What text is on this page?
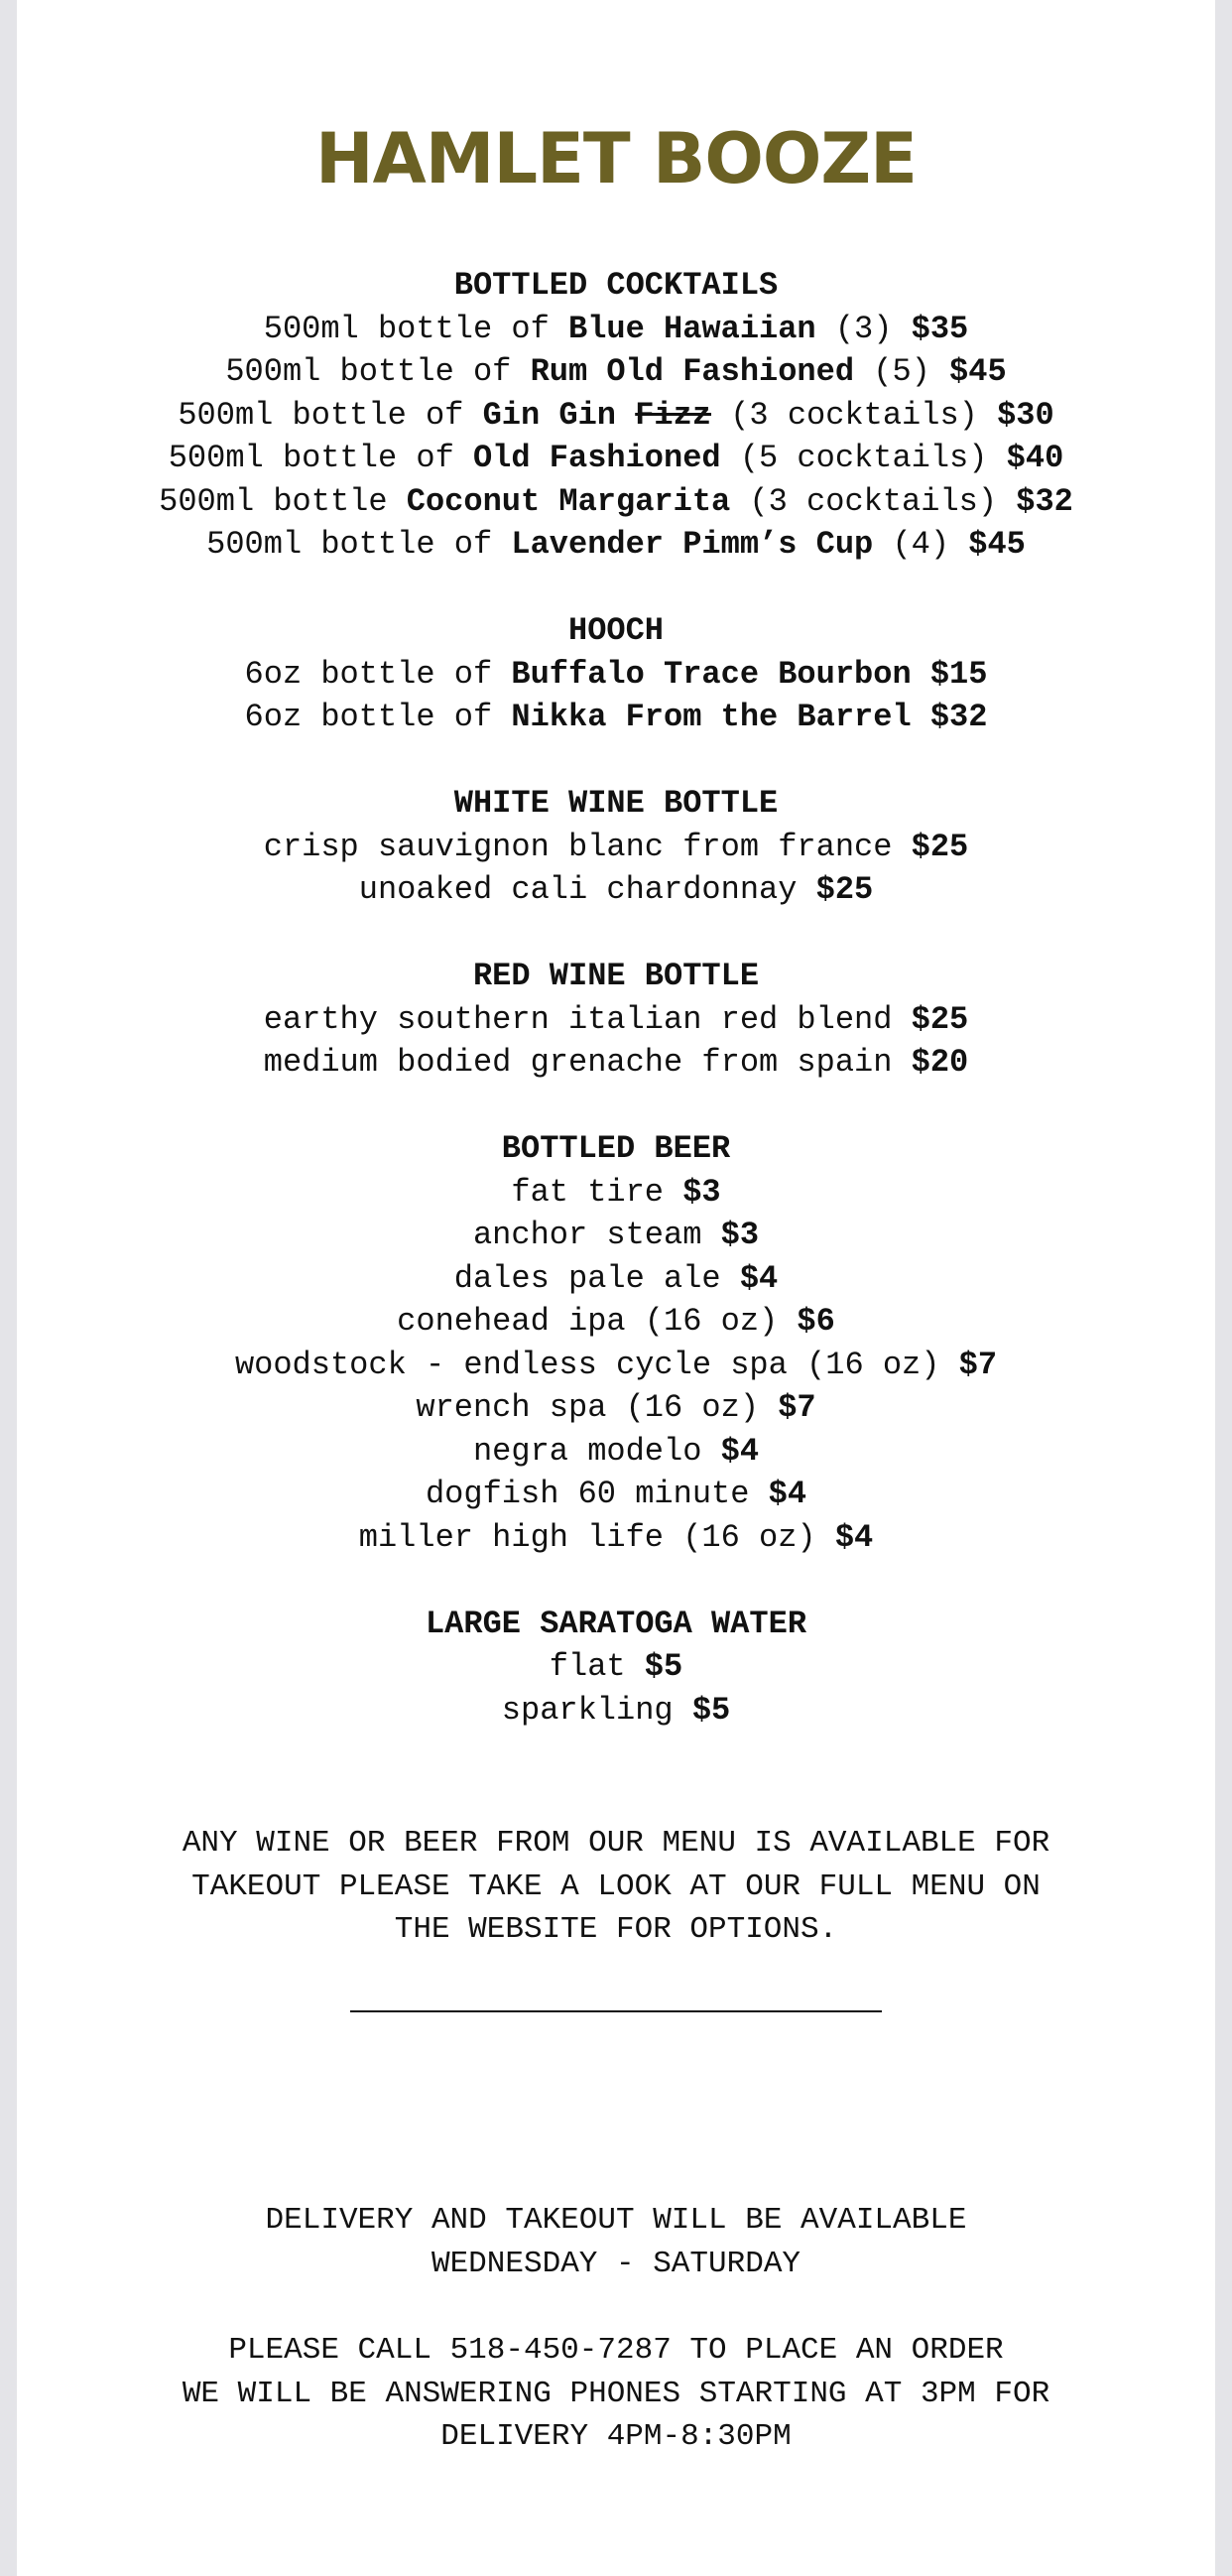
HAMLET BOOZE
BOTTLED COCKTAILS
500ml bottle of Blue Hawaiian (3) $35
500ml bottle of Rum Old Fashioned (5) $45
500ml bottle of Gin Gin Fizz (3 cocktails) $30
500ml bottle of Old Fashioned (5 cocktails) $40
500ml bottle Coconut Margarita (3 cocktails) $32
500ml bottle of Lavender Pimm’s Cup (4) $45
HOOCH
6oz bottle of Buffalo Trace Bourbon $15
6oz bottle of Nikka From the Barrel $32
WHITE WINE BOTTLE
crisp sauvignon blanc from france $25
unoaked cali chardonnay $25
RED WINE BOTTLE
earthy southern italian red blend $25
medium bodied grenache from spain $20
BOTTLED BEER
fat tire $3
anchor steam $3
dales pale ale $4
conehead ipa (16 oz) $6
woodstock - endless cycle spa (16 oz) $7
wrench spa (16 oz) $7
negra modelo $4
dogfish 60 minute $4
miller high life (16 oz) $4
LARGE SARATOGA WATER
flat $5
sparkling $5
ANY WINE OR BEER FROM OUR MENU IS AVAILABLE FOR
TAKEOUT PLEASE TAKE A LOOK AT OUR FULL MENU ON
THE WEBSITE FOR OPTIONS.
DELIVERY AND TAKEOUT WILL BE AVAILABLE
WEDNESDAY - SATURDAY
PLEASE CALL 518-450-7287 TO PLACE AN ORDER
WE WILL BE ANSWERING PHONES STARTING AT 3PM FOR
DELIVERY 4PM-8:30PM
